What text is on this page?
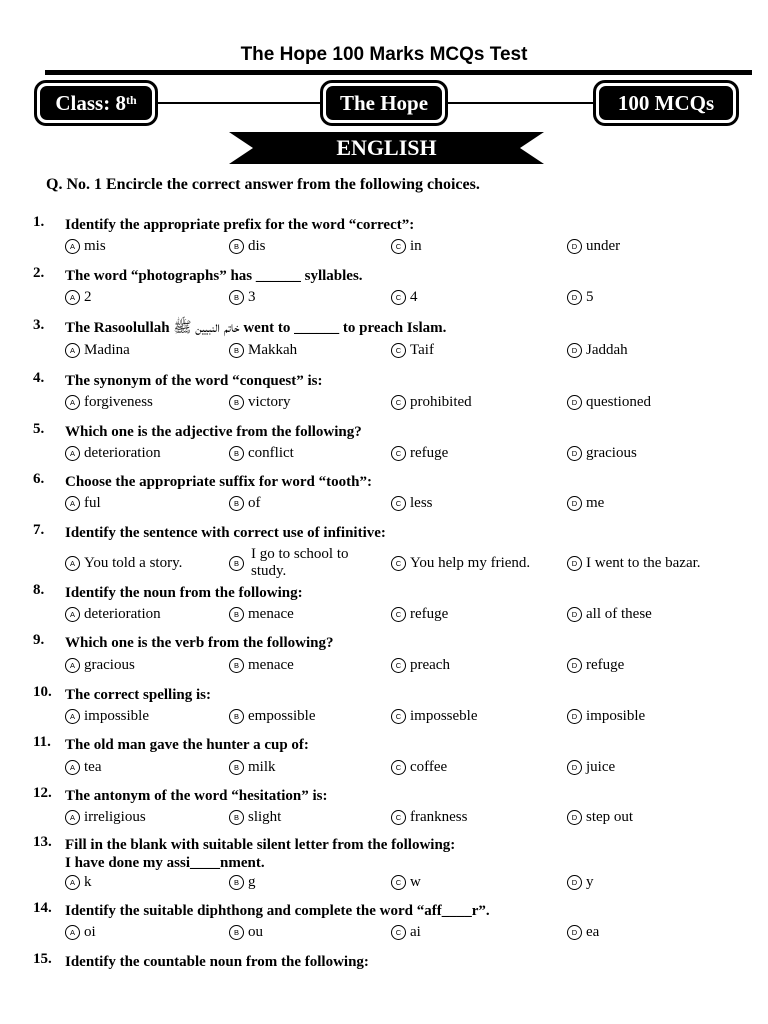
The Hope 100 Marks MCQs Test
Class: 8th	The Hope	100 MCQs
ENGLISH
Q. No. 1 Encircle the correct answer from the following choices.
1. Identify the appropriate prefix for the word “correct”:
A mis	B dis	C in	D under
2. The word “photographs” has ______ syllables.
A 2	B 3	C 4	D 5
3. The Rasoolullah خاتم النبیین ﷺ went to ______ to preach Islam.
A Madina	B Makkah	C Taif	D Jaddah
4. The synonym of the word “conquest” is:
A forgiveness	B victory	C prohibited	D questioned
5. Which one is the adjective from the following?
A deterioration	B conflict	C refuge	D gracious
6. Choose the appropriate suffix for word “tooth”:
A ful	B of	C less	D me
7. Identify the sentence with correct use of infinitive:
A You told a story.	B
I go to school to study.	C You help my friend.	D I went to the bazar.
8. Identify the noun from the following:
A deterioration	B menace	C refuge	D all of these
9. Which one is the verb from the following?
A gracious	B menace	C preach	D refuge
10. The correct spelling is:
A impossible	B empossible	C imposseble	D imposible
11. The old man gave the hunter a cup of:
A tea	B milk	C coffee	D juice
12. The antonym of the word “hesitation” is:
A irreligious	B slight	C frankness	D step out
13. Fill in the blank with suitable silent letter from the following:
I have done my assi____nment.
A k	B g	C w	D y
14. Identify the suitable diphthong and complete the word “aff____r”.
A oi	B ou	C ai	D ea
15. Identify the countable noun from the following:
